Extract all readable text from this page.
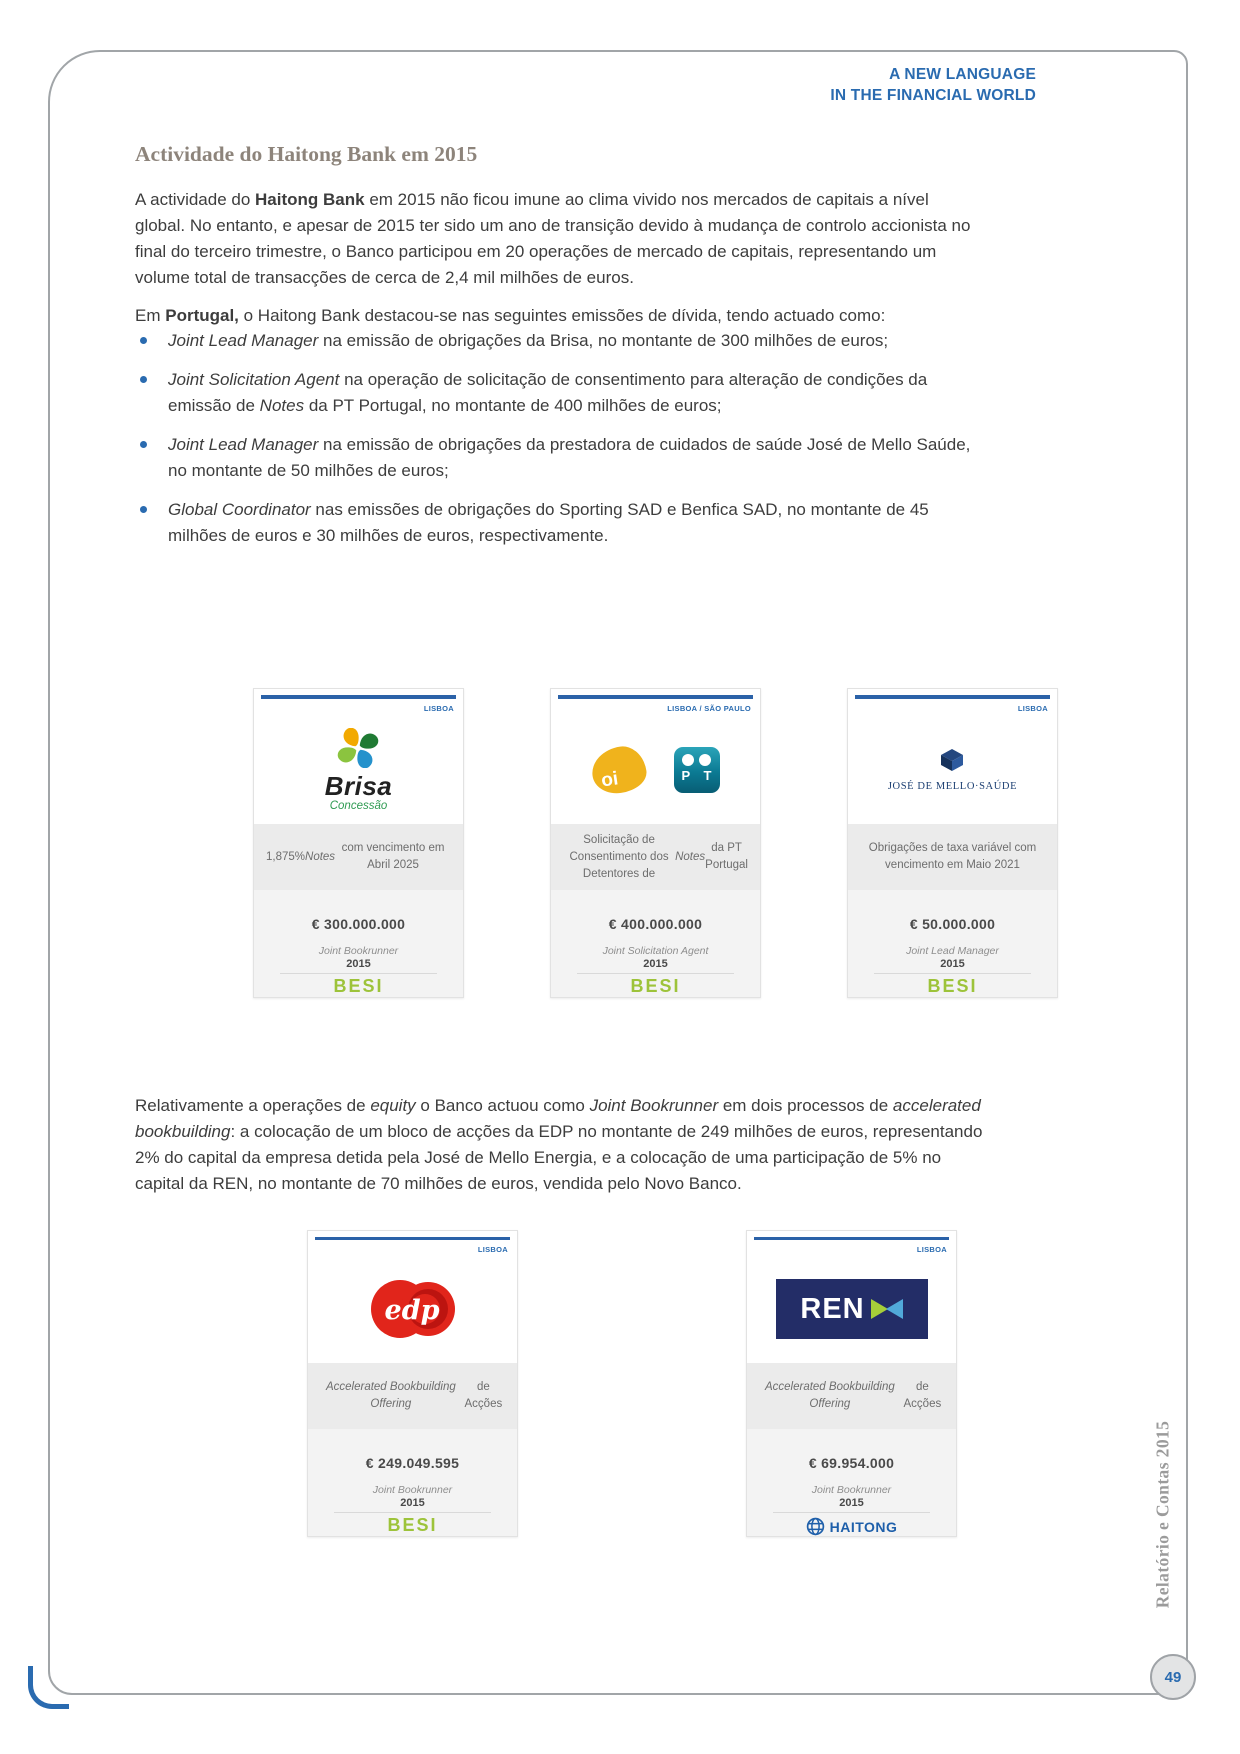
A NEW LANGUAGE
IN THE FINANCIAL WORLD
Actividade do Haitong Bank em 2015

A actividade do Haitong Bank em 2015 não ficou imune ao clima vivido nos mercados de capitais a nível global. No entanto, e apesar de 2015 ter sido um ano de transição devido à mudança de controlo accionista no final do terceiro trimestre, o Banco participou em 20 operações de mercado de capitais, representando um volume total de transacções de cerca de 2,4 mil milhões de euros.

Em Portugal, o Haitong Bank destacou-se nas seguintes emissões de dívida, tendo actuado como:

Joint Lead Manager na emissão de obrigações da Brisa, no montante de 300 milhões de euros;
Joint Solicitation Agent na operação de solicitação de consentimento para alteração de condições da emissão de Notes da PT Portugal, no montante de 400 milhões de euros;
Joint Lead Manager na emissão de obrigações da prestadora de cuidados de saúde José de Mello Saúde, no montante de 50 milhões de euros;
Global Coordinator nas emissões de obrigações do Sporting SAD e Benfica SAD, no montante de 45 milhões de euros e 30 milhões de euros, respectivamente.
LISBOA
Brisa
Concessão
1,875% Notes
com vencimento em Abril 2025
€ 300.000.000
Joint Bookrunner
2015
BESI
LISBOA / SÃO PAULO
oi	P T
Solicitação de Consentimento dos Detentores de
Notes
da PT Portugal
€ 400.000.000
Joint Solicitation Agent
2015
BESI
LISBOA
JOSÉ DE MELLO·SAÚDE
Obrigações de taxa variável com vencimento em Maio 2021
€ 50.000.000
Joint Lead Manager
2015
BESI

Relativamente a operações de equity o Banco actuou como Joint Bookrunner em dois processos de accelerated bookbuilding: a colocação de um bloco de acções da EDP no montante de 249 milhões de euros, representando 2% do capital da empresa detida pela José de Mello Energia, e a colocação de uma participação de 5% no capital da REN, no montante de 70 milhões de euros, vendida pelo Novo Banco.

LISBOA
edp
Accelerated Bookbuilding Offering
de Acções
€ 249.049.595
Joint Bookrunner
2015
BESI
LISBOA
REN
Accelerated Bookbuilding Offering
de Acções
€ 69.954.000
Joint Bookrunner
2015
HAITONG	Relatório e Contas 2015
49
